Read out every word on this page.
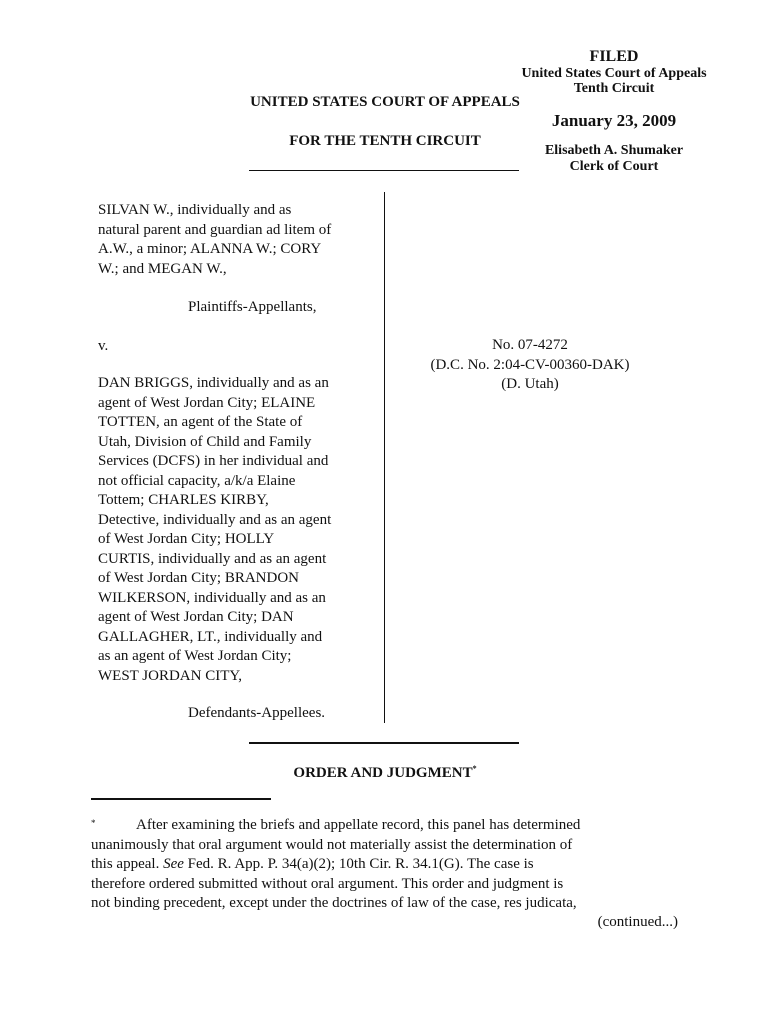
FILED
United States Court of Appeals
Tenth Circuit
January 23, 2009
Elisabeth A. Shumaker
Clerk of Court
UNITED STATES COURT OF APPEALS
FOR THE TENTH CIRCUIT
SILVAN W., individually and as
natural parent and guardian ad litem of
A.W., a minor; ALANNA W.; CORY
W.; and MEGAN W.,
Plaintiffs-Appellants,
v.
DAN BRIGGS, individually and as an
agent of West Jordan City; ELAINE
TOTTEN, an agent of the State of
Utah, Division of Child and Family
Services (DCFS) in her individual and
not official capacity, a/k/a Elaine
Tottem; CHARLES KIRBY,
Detective, individually and as an agent
of West Jordan City; HOLLY
CURTIS, individually and as an agent
of West Jordan City; BRANDON
WILKERSON, individually and as an
agent of West Jordan City; DAN
GALLAGHER, LT., individually and
as an agent of West Jordan City;
WEST JORDAN CITY,
Defendants-Appellees.
No. 07-4272
(D.C. No. 2:04-CV-00360-DAK)
(D. Utah)
ORDER AND JUDGMENT*
*	After examining the briefs and appellate record, this panel has determined
unanimously that oral argument would not materially assist the determination of
this appeal. See Fed. R. App. P. 34(a)(2); 10th Cir. R. 34.1(G). The case is
therefore ordered submitted without oral argument. This order and judgment is
not binding precedent, except under the doctrines of law of the case, res judicata,
(continued...)
